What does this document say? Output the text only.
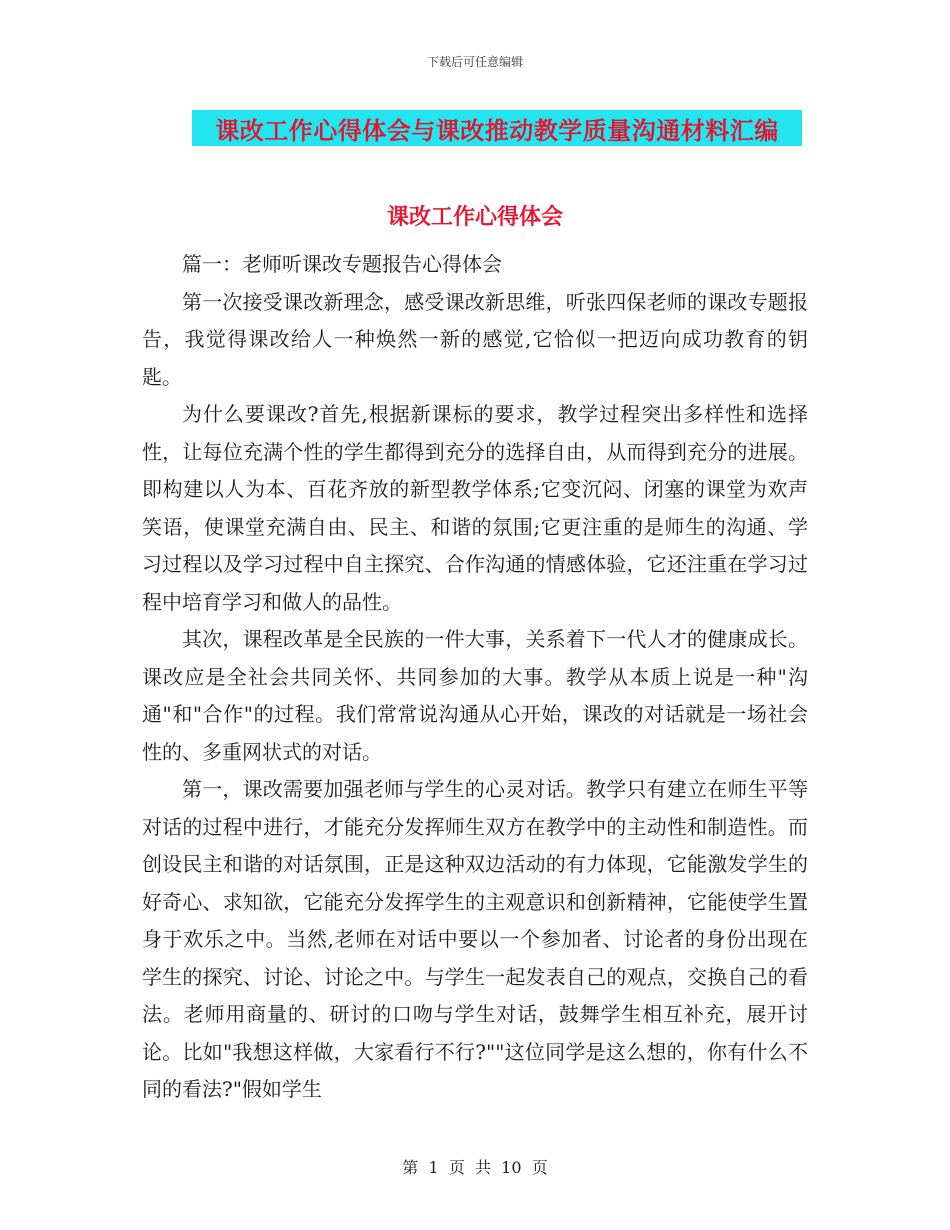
下载后可任意编辑
课改工作心得体会与课改推动教学质量沟通材料汇编
课改工作心得体会

篇一：老师听课改专题报告心得体会

第一次接受课改新理念，感受课改新思维，听张四保老师的课改专题报告，我觉得课改给人一种焕然一新的感觉,它恰似一把迈向成功教育的钥匙。

为什么要课改?首先,根据新课标的要求，教学过程突出多样性和选择性，让每位充满个性的学生都得到充分的选择自由，从而得到充分的进展。即构建以人为本、百花齐放的新型教学体系;它变沉闷、闭塞的课堂为欢声笑语，使课堂充满自由、民主、和谐的氛围;它更注重的是师生的沟通、学习过程以及学习过程中自主探究、合作沟通的情感体验，它还注重在学习过程中培育学习和做人的品性。

其次，课程改革是全民族的一件大事，关系着下一代人才的健康成长。课改应是全社会共同关怀、共同参加的大事。教学从本质上说是一种"沟通"和"合作"的过程。我们常常说沟通从心开始，课改的对话就是一场社会性的、多重网状式的对话。

第一，课改需要加强老师与学生的心灵对话。教学只有建立在师生平等对话的过程中进行，才能充分发挥师生双方在教学中的主动性和制造性。而创设民主和谐的对话氛围，正是这种双边活动的有力体现，它能激发学生的好奇心、求知欲，它能充分发挥学生的主观意识和创新精神，它能使学生置身于欢乐之中。当然,老师在对话中要以一个参加者、讨论者的身份出现在学生的探究、讨论、讨论之中。与学生一起发表自己的观点，交换自己的看法。老师用商量的、研讨的口吻与学生对话，鼓舞学生相互补充，展开讨论。比如"我想这样做，大家看行不行?""这位同学是这么想的，你有什么不同的看法?"假如学生

第  1  页  共  10  页
